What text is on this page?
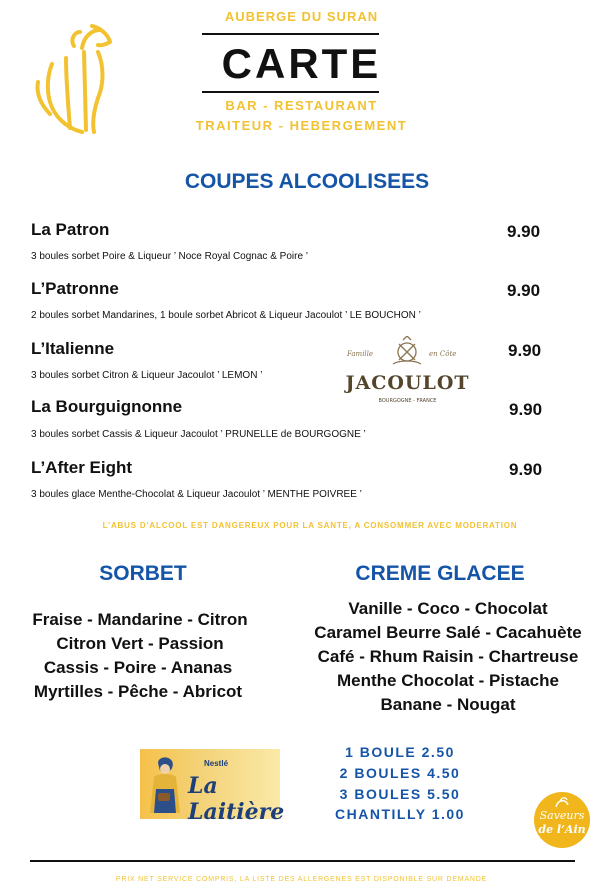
AUBERGE DU SURAN
CARTE
BAR - RESTAURANT
TRAITEUR - HEBERGEMENT
COUPES ALCOOLISEES
La Patron	9.90
3 boules sorbet Poire & Liqueur ’ Noce Royal Cognac & Poire ’
L’Patronne	9.90
2 boules sorbet Mandarines, 1 boule sorbet Abricot & Liqueur Jacoulot ’ LE BOUCHON ’
L’Italienne	9.90
3 boules sorbet Citron & Liqueur Jacoulot ’ LEMON ’
La Bourguignonne	9.90
3 boules sorbet Cassis & Liqueur Jacoulot ’ PRUNELLE de BOURGOGNE ’
L’After Eight	9.90
3 boules glace Menthe-Chocolat & Liqueur Jacoulot ’ MENTHE POIVREE ’
Famille	en Côte
JACOULOT
BOURGOGNE - FRANCE
L’ABUS D’ALCOOL EST DANGEREUX POUR LA SANTE, A CONSOMMER AVEC MODERATION
SORBET
Fraise - Mandarine - Citron
Citron Vert - Passion
Cassis - Poire - Ananas
Myrtilles - Pêche - Abricot
CREME GLACEE
Vanille - Coco - Chocolat
Caramel Beurre Salé - Cacahuète
Café - Rhum Raisin - Chartreuse
Menthe Chocolat - Pistache
Banane - Nougat
Nestlé
La Laitière
1 BOULE 2.50
2 BOULES 4.50
3 BOULES 5.50
CHANTILLY 1.00	Saveurs
de l’Ain
PRIX NET SERVICE COMPRIS, LA LISTE DES ALLERGENES EST DISPONIBLE SUR DEMANDE
